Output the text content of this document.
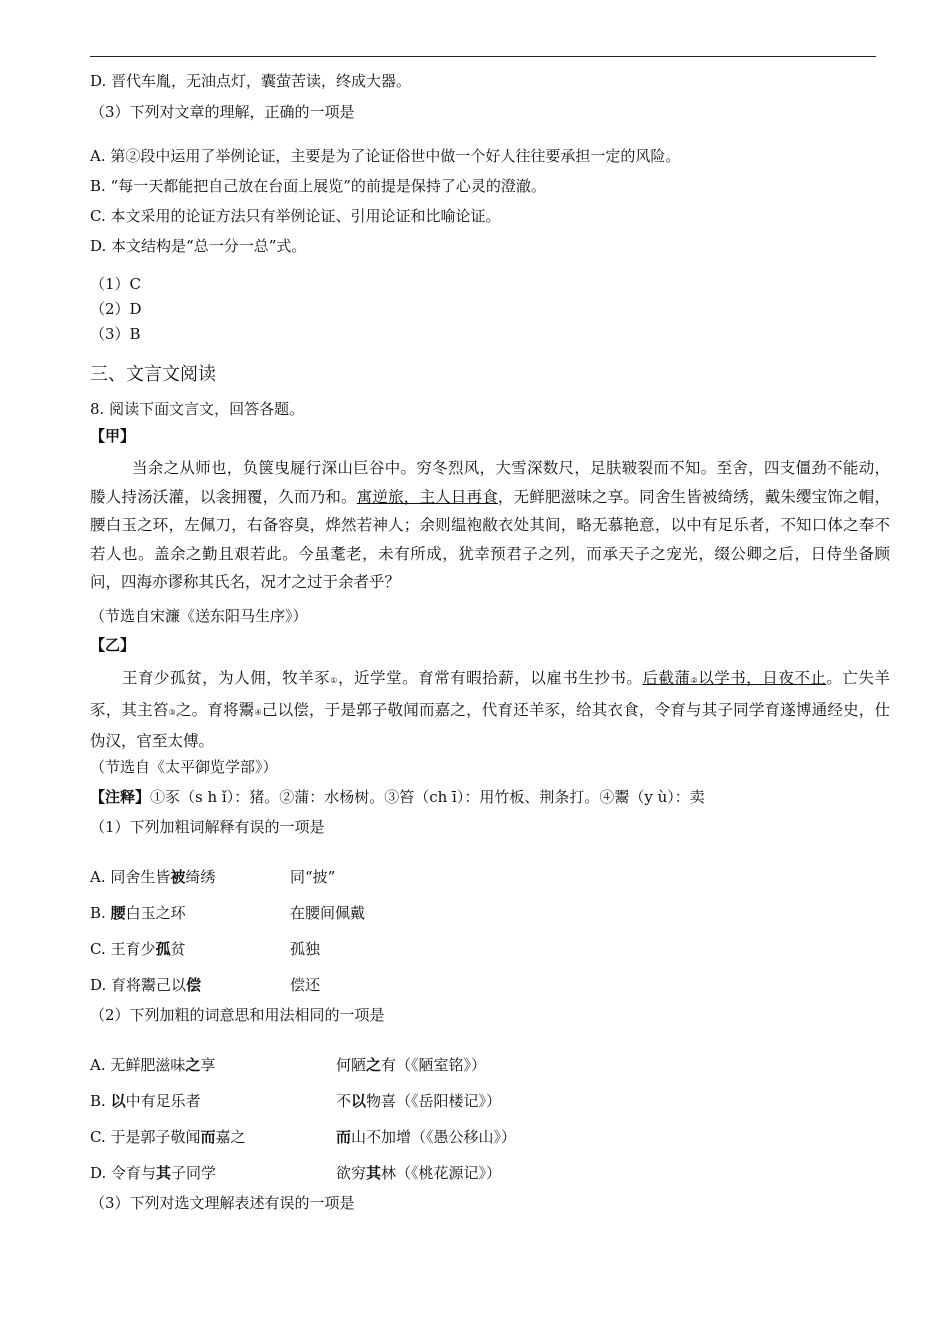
D. 晋代车胤，无油点灯，囊萤苦读，终成大器。
（3）下列对文章的理解，正确的一项是
A. 第②段中运用了举例论证，主要是为了论证俗世中做一个好人往往要承担一定的风险。
B. “每一天都能把自己放在台面上展览”的前提是保持了心灵的澄澈。
C. 本文采用的论证方法只有举例论证、引用论证和比喻论证。
D. 本文结构是“总一分一总”式。
（1）C
（2）D
（3）B
三、文言文阅读
8. 阅读下面文言文，回答各题。
【甲】
当余之从师也，负箧曳屣行深山巨谷中。穷冬烈风，大雪深数尺，足肤皲裂而不知。至舍，四支僵劲不能动，媵人持汤沃灌，以衾拥覆，久而乃和。寓逆旅，主人日再食，无鲜肥滋味之享。同舍生皆被绮绣，戴朱缨宝饰之帽，腰白玉之环，左佩刀，右备容臭，烨然若神人；余则缊袍敝衣处其间，略无慕艳意，以中有足乐者，不知口体之奉不若人也。盖余之勤且艰若此。今虽耄老，未有所成，犹幸预君子之列，而承天子之宠光，缀公卿之后，日侍坐备顾问，四海亦谬称其氏名，况才之过于余者乎？
（节选自宋濂《送东阳马生序》）
【乙】
王育少孤贫，为人佣，牧羊豕①，近学堂。育常有暇拾薪，以雇书生抄书。后截蒲②以学书，日夜不止。亡失羊豕，其主笞③之。育将鬻④己以偿，于是郭子敬闻而嘉之，代育还羊豕，给其衣食，令育与其子同学育遂博通经史，仕伪汉，官至太傅。
（节选自《太平御览学部》）
【注释】①豕（s h ǐ）：猪。②蒲：水杨树。③笞（ch ī）：用竹板、荆条打。④鬻（y ù）：卖
（1）下列加粗词解释有误的一项是
A. 同舍生皆被绮绣	同“披”
B. 腰白玉之环	在腰间佩戴
C. 王育少孤贫	孤独
D. 育将鬻己以偿	偿还
（2）下列加粗的词意思和用法相同的一项是
A. 无鲜肥滋味之享	何陋之有（《陋室铭》）
B. 以中有足乐者	不以物喜（《岳阳楼记》）
C. 于是郭子敬闻而嘉之	而山不加增（《愚公移山》）
D. 令育与其子同学	欲穷其林（《桃花源记》）
（3）下列对选文理解表述有误的一项是
